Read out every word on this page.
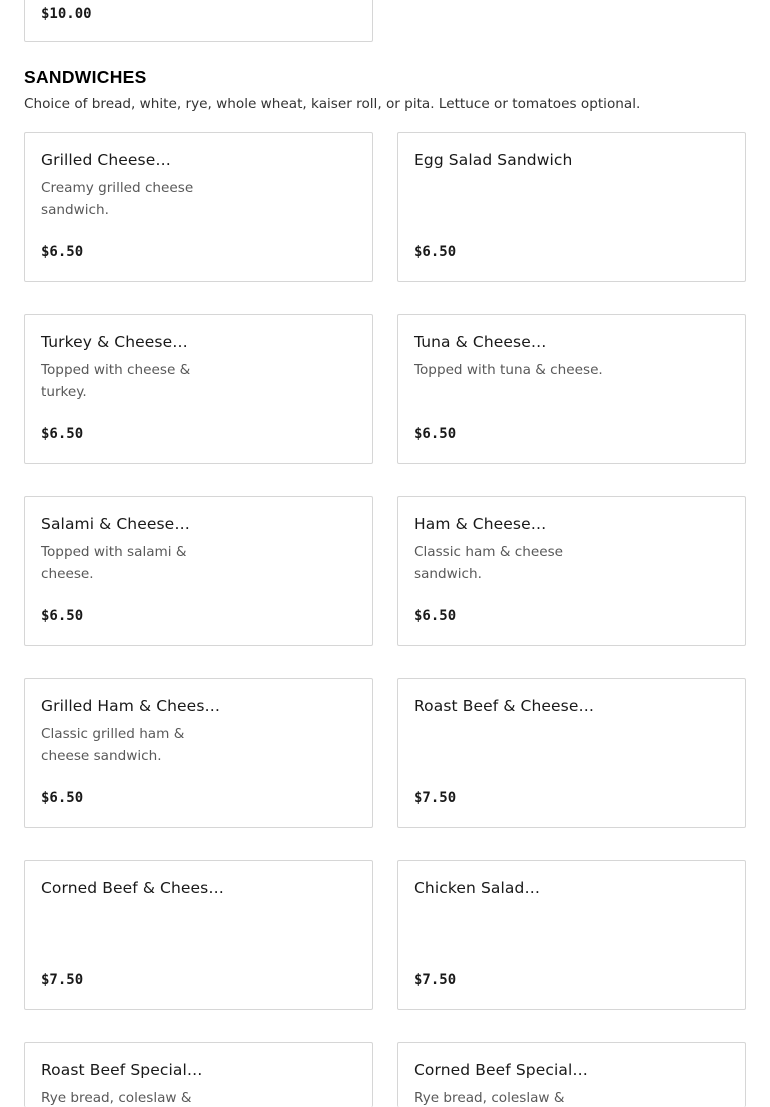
$10.00
SANDWICHES

Choice of bread, white, rye, whole wheat, kaiser roll, or pita. Lettuce or tomatoes optional.

Grilled Cheese…
Creamy grilled cheese sandwich.
$6.50
Egg Salad Sandwich
$6.50
Turkey & Cheese…
Topped with cheese & turkey.
$6.50
Tuna & Cheese…
Topped with tuna & cheese.
$6.50
Salami & Cheese…
Topped with salami & cheese.
$6.50
Ham & Cheese…
Classic ham & cheese sandwich.
$6.50
Grilled Ham & Chees…
Classic grilled ham & cheese sandwich.
$6.50
Roast Beef & Cheese…
$7.50
Corned Beef & Chees…
$7.50
Chicken Salad…
$7.50
Roast Beef Special…
Rye bread, coleslaw &
Corned Beef Special…
Rye bread, coleslaw &
